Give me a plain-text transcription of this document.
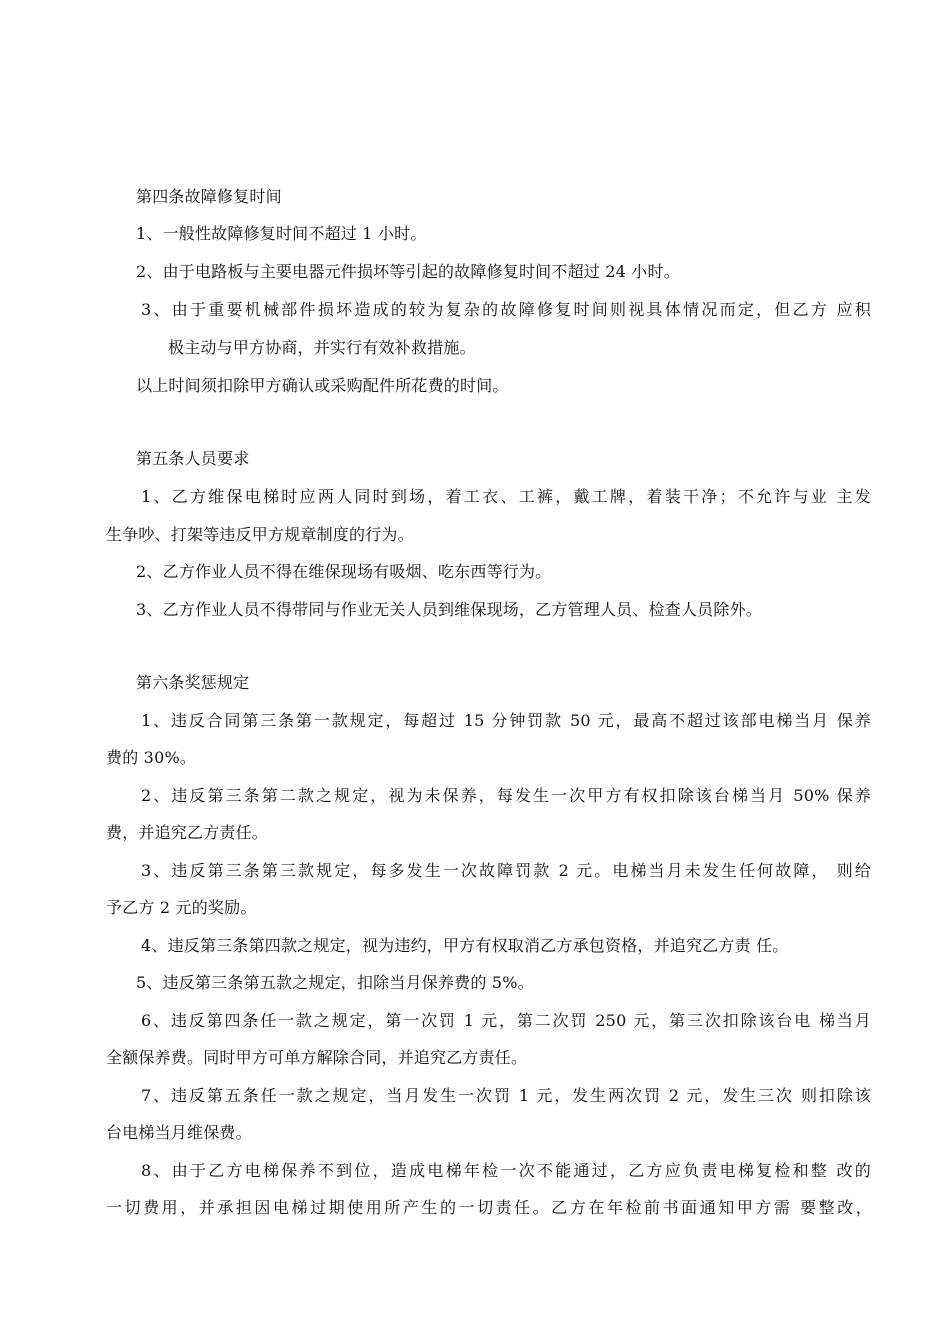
第四条故障修复时间
1、一般性故障修复时间不超过 1 小时。
2、由于电路板与主要电器元件损坏等引起的故障修复时间不超过 24 小时。
3、由于重要机械部件损坏造成的较为复杂的故障修复时间则视具体情况而定，但乙方 应积
极主动与甲方协商，并实行有效补救措施。
以上时间须扣除甲方确认或采购配件所花费的时间。
第五条人员要求
1、乙方维保电梯时应两人同时到场，着工衣、工裤，戴工牌，着装干净；不允许与业 主发
生争吵、打架等违反甲方规章制度的行为。
2、乙方作业人员不得在维保现场有吸烟、吃东西等行为。
3、乙方作业人员不得带同与作业无关人员到维保现场，乙方管理人员、检查人员除外。
第六条奖惩规定
1、违反合同第三条第一款规定，每超过 15 分钟罚款 50 元，最高不超过该部电梯当月 保养
费的 30%。
2、违反第三条第二款之规定，视为未保养，每发生一次甲方有权扣除该台梯当月 50% 保养
费，并追究乙方责任。
3、违反第三条第三款规定，每多发生一次故障罚款 2 元。电梯当月未发生任何故障， 则给
予乙方 2 元的奖励。
4、违反第三条第四款之规定，视为违约，甲方有权取消乙方承包资格，并追究乙方责 任。
5、违反第三条第五款之规定，扣除当月保养费的 5%。
6、违反第四条任一款之规定，第一次罚 1 元，第二次罚 250 元，第三次扣除该台电 梯当月
全额保养费。同时甲方可单方解除合同，并追究乙方责任。
7、违反第五条任一款之规定，当月发生一次罚 1 元，发生两次罚 2 元，发生三次 则扣除该
台电梯当月维保费。
8、由于乙方电梯保养不到位，造成电梯年检一次不能通过，乙方应负责电梯复检和整 改的
一切费用，并承担因电梯过期使用所产生的一切责任。乙方在年检前书面通知甲方需 要整改，
